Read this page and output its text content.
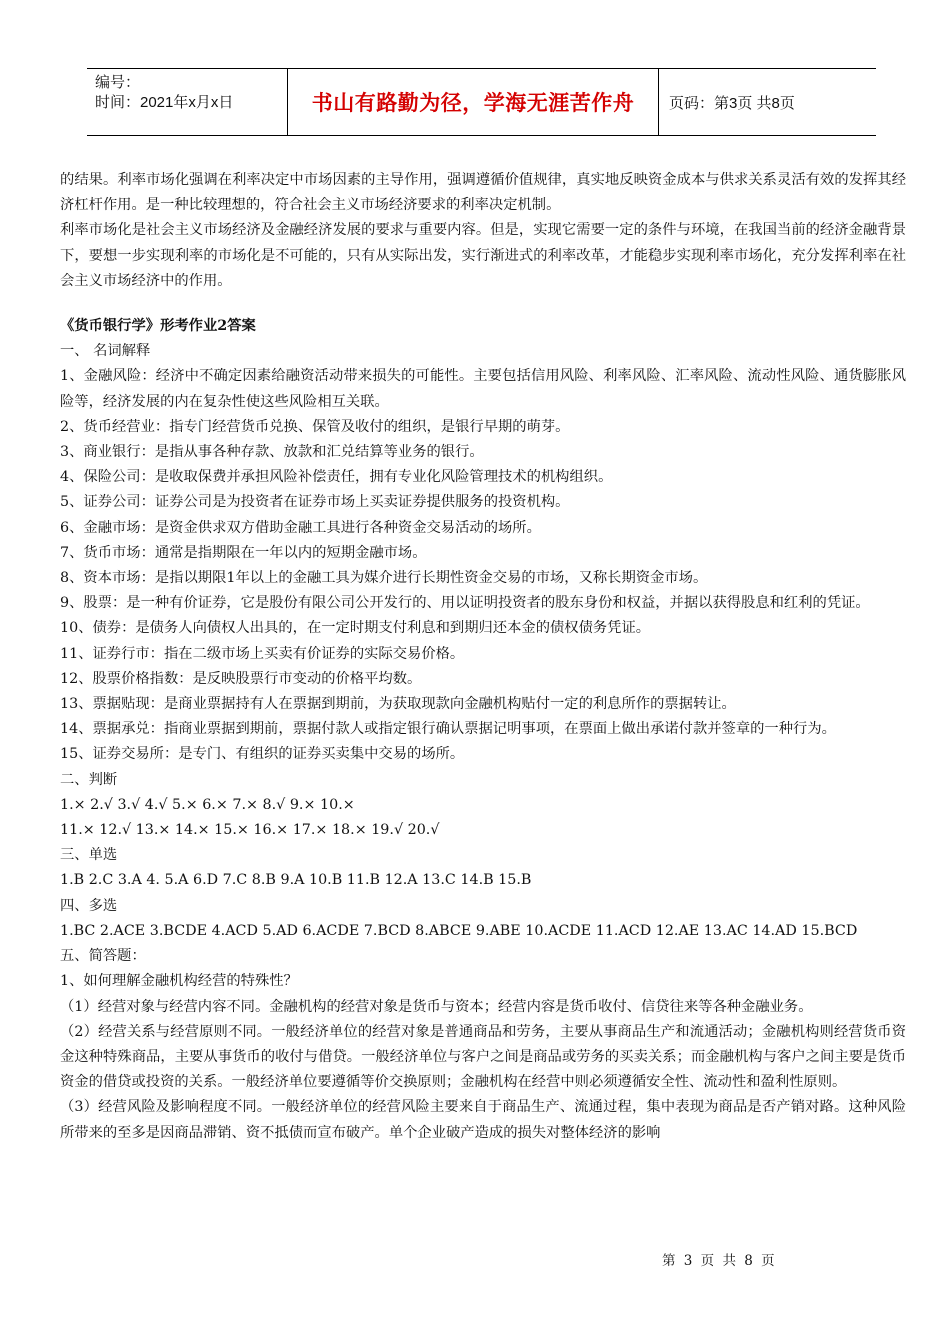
编号：
时间：2021年x月x日	书山有路勤为径，学海无涯苦作舟	页码：第3页 共8页

的结果。利率市场化强调在利率决定中市场因素的主导作用，强调遵循价值规律，真实地反映资金成本与供求关系灵活有效的发挥其经济杠杆作用。是一种比较理想的，符合社会主义市场经济要求的利率决定机制。

利率市场化是社会主义市场经济及金融经济发展的要求与重要内容。但是，实现它需要一定的条件与环境，在我国当前的经济金融背景下，要想一步实现利率的市场化是不可能的，只有从实际出发，实行渐进式的利率改革，才能稳步实现利率市场化，充分发挥利率在社会主义市场经济中的作用。

《货币银行学》形考作业2答案

一、 名词解释

1、金融风险：经济中不确定因素给融资活动带来损失的可能性。主要包括信用风险、利率风险、汇率风险、流动性风险、通货膨胀风险等，经济发展的内在复杂性使这些风险相互关联。

2、货币经营业：指专门经营货币兑换、保管及收付的组织，是银行早期的萌芽。

3、商业银行：是指从事各种存款、放款和汇兑结算等业务的银行。

4、保险公司：是收取保费并承担风险补偿责任，拥有专业化风险管理技术的机构组织。

5、证券公司：证券公司是为投资者在证券市场上买卖证券提供服务的投资机构。

6、金融市场：是资金供求双方借助金融工具进行各种资金交易活动的场所。

7、货币市场：通常是指期限在一年以内的短期金融市场。

8、资本市场：是指以期限1年以上的金融工具为媒介进行长期性资金交易的市场，又称长期资金市场。

9、股票：是一种有价证券，它是股份有限公司公开发行的、用以证明投资者的股东身份和权益，并据以获得股息和红利的凭证。

10、债券：是债务人向债权人出具的，在一定时期支付利息和到期归还本金的债权债务凭证。

11、证券行市：指在二级市场上买卖有价证券的实际交易价格。

12、股票价格指数：是反映股票行市变动的价格平均数。

13、票据贴现：是商业票据持有人在票据到期前，为获取现款向金融机构贴付一定的利息所作的票据转让。

14、票据承兑：指商业票据到期前，票据付款人或指定银行确认票据记明事项，在票面上做出承诺付款并签章的一种行为。

15、证券交易所：是专门、有组织的证券买卖集中交易的场所。

二、判断

1.× 2.√ 3.√ 4.√ 5.× 6.× 7.× 8.√ 9.× 10.×

11.× 12.√ 13.× 14.× 15.× 16.× 17.× 18.× 19.√ 20.√

三、单选

1.B 2.C 3.A 4. 5.A 6.D 7.C 8.B 9.A 10.B 11.B 12.A 13.C 14.B 15.B

四、多选

1.BC 2.ACE 3.BCDE 4.ACD 5.AD 6.ACDE 7.BCD 8.ABCE 9.ABE 10.ACDE 11.ACD 12.AE 13.AC 14.AD 15.BCD

五、简答题：

1、如何理解金融机构经营的特殊性？

（1）经营对象与经营内容不同。金融机构的经营对象是货币与资本；经营内容是货币收付、信贷往来等各种金融业务。

（2）经营关系与经营原则不同。一般经济单位的经营对象是普通商品和劳务，主要从事商品生产和流通活动；金融机构则经营货币资金这种特殊商品，主要从事货币的收付与借贷。一般经济单位与客户之间是商品或劳务的买卖关系；而金融机构与客户之间主要是货币资金的借贷或投资的关系。一般经济单位要遵循等价交换原则；金融机构在经营中则必须遵循安全性、流动性和盈利性原则。

（3）经营风险及影响程度不同。一般经济单位的经营风险主要来自于商品生产、流通过程，集中表现为商品是否产销对路。这种风险所带来的至多是因商品滞销、资不抵债而宣布破产。单个企业破产造成的损失对整体经济的影响

第 3 页 共 8 页
